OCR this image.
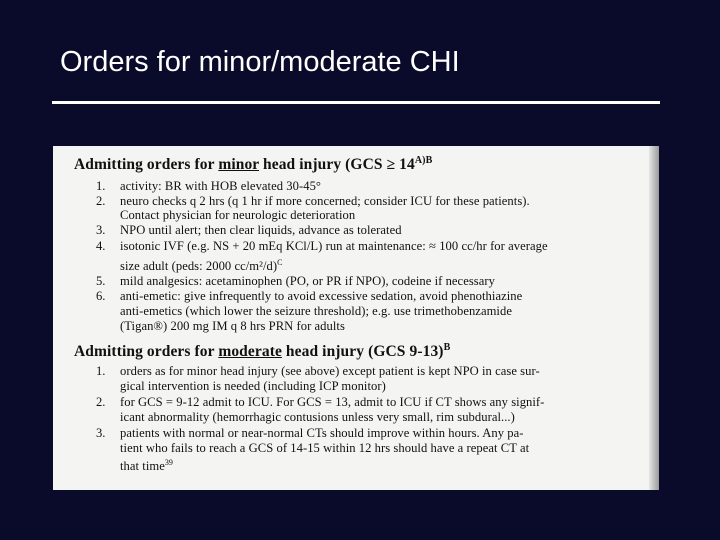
Orders for minor/moderate CHI
Admitting orders for minor head injury ($GCS \ge 14^{A)B}$
1. activity: BR with HOB elevated 30-45°
2. neuro checks q 2 hrs (q 1 hr if more concerned; consider ICU for these patients).
Contact physician for neurologic deterioration
3. NPO until alert; then clear liquids, advance as tolerated
4. isotonic IVF (e.g. NS + 20 mEq KCl/L) run at maintenance: ≈ 100 cc/hr for average
size adult (peds: 2000 cc/m²/d)$^C$
5. mild analgesics: acetaminophen (PO, or PR if NPO), codeine if necessary
6. anti-emetic: give infrequently to avoid excessive sedation, avoid phenothiazine
anti-emetics (which lower the seizure threshold); e.g. use trimethobenzamide
(Tigan®) 200 mg IM q 8 hrs PRN for adults
Admitting orders for moderate head injury (GCS 9-13)$^B$
1. orders as for minor head injury (see above) except patient is kept NPO in case sur-
gical intervention is needed (including ICP monitor)
2. for GCS = 9-12 admit to ICU. For GCS = 13, admit to ICU if CT shows any signif-
icant abnormality (hemorrhagic contusions unless very small, rim subdural...)
3. patients with normal or near-normal CTs should improve within hours. Any pa-
tient who fails to reach a GCS of 14-15 within 12 hrs should have a repeat CT at
that time$^{39}$
